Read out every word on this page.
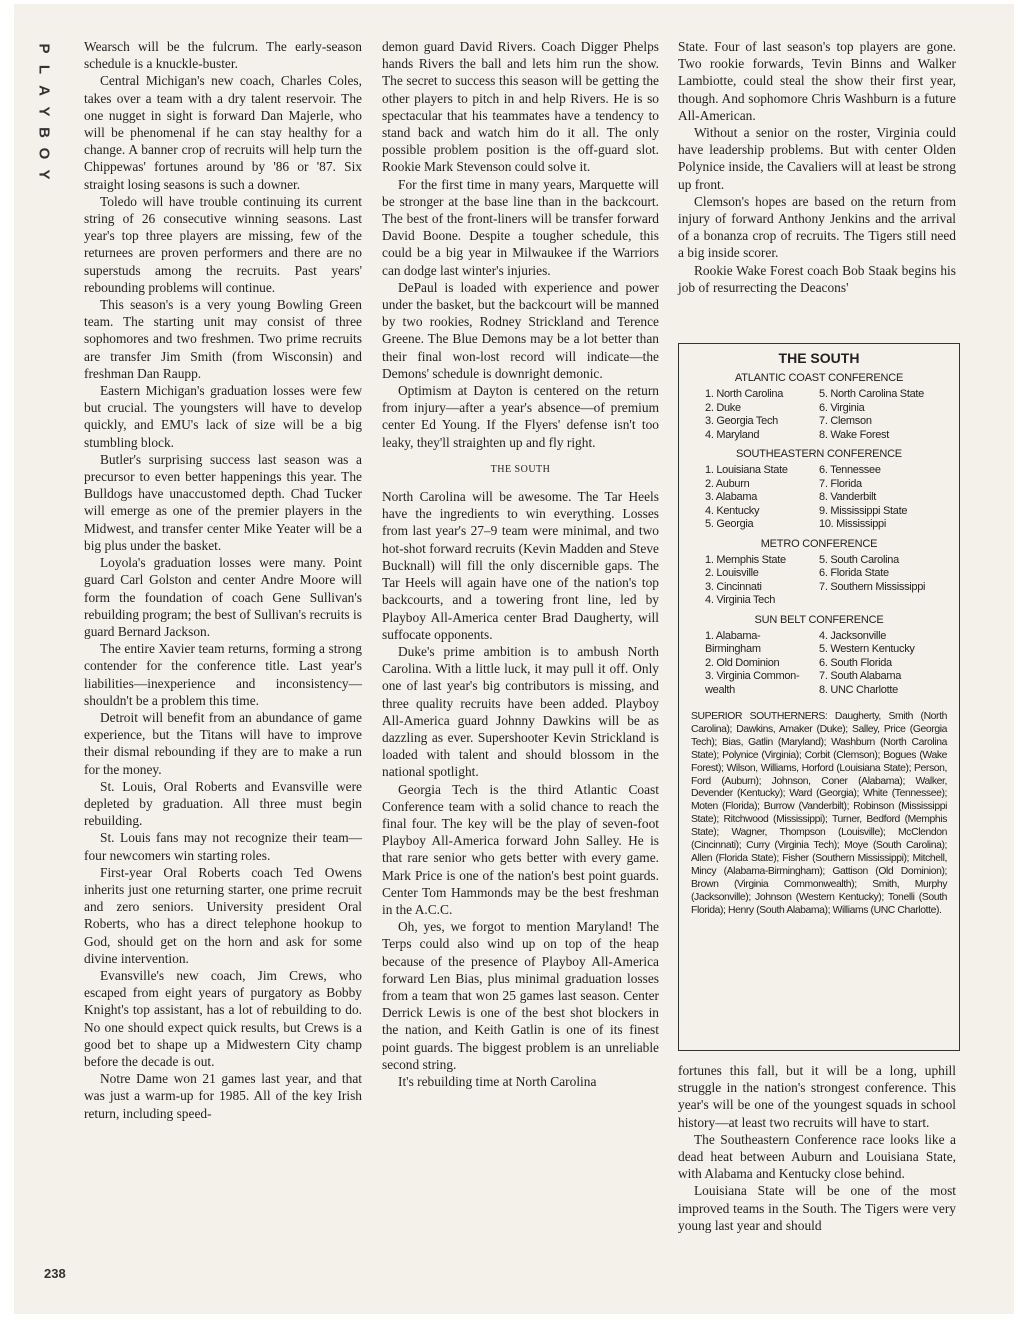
P
L
A
Y
B
O
Y
238

Wearsch will be the fulcrum. The early-season schedule is a knuckle-buster.

Central Michigan's new coach, Charles Coles, takes over a team with a dry talent reservoir. The one nugget in sight is forward Dan Majerle, who will be phenomenal if he can stay healthy for a change. A banner crop of recruits will help turn the Chippewas' fortunes around by '86 or '87. Six straight losing seasons is such a downer.

Toledo will have trouble continuing its current string of 26 consecutive winning seasons. Last year's top three players are missing, few of the returnees are proven performers and there are no superstuds among the recruits. Past years' rebounding problems will continue.

This season's is a very young Bowling Green team. The starting unit may consist of three sophomores and two freshmen. Two prime recruits are transfer Jim Smith (from Wisconsin) and freshman Dan Raupp.

Eastern Michigan's graduation losses were few but crucial. The youngsters will have to develop quickly, and EMU's lack of size will be a big stumbling block.

Butler's surprising success last season was a precursor to even better happenings this year. The Bulldogs have unaccustomed depth. Chad Tucker will emerge as one of the premier players in the Midwest, and transfer center Mike Yeater will be a big plus under the basket.

Loyola's graduation losses were many. Point guard Carl Golston and center Andre Moore will form the foundation of coach Gene Sullivan's rebuilding program; the best of Sullivan's recruits is guard Bernard Jackson.

The entire Xavier team returns, forming a strong contender for the conference title. Last year's liabilities—inexperience and inconsistency—shouldn't be a problem this time.

Detroit will benefit from an abundance of game experience, but the Titans will have to improve their dismal rebounding if they are to make a run for the money.

St. Louis, Oral Roberts and Evansville were depleted by graduation. All three must begin rebuilding.

St. Louis fans may not recognize their team—four newcomers win starting roles.

First-year Oral Roberts coach Ted Owens inherits just one returning starter, one prime recruit and zero seniors. University president Oral Roberts, who has a direct telephone hookup to God, should get on the horn and ask for some divine intervention.

Evansville's new coach, Jim Crews, who escaped from eight years of purgatory as Bobby Knight's top assistant, has a lot of rebuilding to do. No one should expect quick results, but Crews is a good bet to shape up a Midwestern City champ before the decade is out.

Notre Dame won 21 games last year, and that was just a warm-up for 1985. All of the key Irish return, including speed-

demon guard David Rivers. Coach Digger Phelps hands Rivers the ball and lets him run the show. The secret to success this season will be getting the other players to pitch in and help Rivers. He is so spectacular that his teammates have a tendency to stand back and watch him do it all. The only possible problem position is the off-guard slot. Rookie Mark Stevenson could solve it.

For the first time in many years, Marquette will be stronger at the base line than in the backcourt. The best of the front-liners will be transfer forward David Boone. Despite a tougher schedule, this could be a big year in Milwaukee if the Warriors can dodge last winter's injuries.

DePaul is loaded with experience and power under the basket, but the backcourt will be manned by two rookies, Rodney Strickland and Terence Greene. The Blue Demons may be a lot better than their final won-lost record will indicate—the Demons' schedule is downright demonic.

Optimism at Dayton is centered on the return from injury—after a year's absence—of premium center Ed Young. If the Flyers' defense isn't too leaky, they'll straighten up and fly right.

THE SOUTH

North Carolina will be awesome. The Tar Heels have the ingredients to win everything. Losses from last year's 27–9 team were minimal, and two hot-shot forward recruits (Kevin Madden and Steve Bucknall) will fill the only discernible gaps. The Tar Heels will again have one of the nation's top backcourts, and a towering front line, led by Playboy All-America center Brad Daugherty, will suffocate opponents.

Duke's prime ambition is to ambush North Carolina. With a little luck, it may pull it off. Only one of last year's big contributors is missing, and three quality recruits have been added. Playboy All-America guard Johnny Dawkins will be as dazzling as ever. Supershooter Kevin Strickland is loaded with talent and should blossom in the national spotlight.

Georgia Tech is the third Atlantic Coast Conference team with a solid chance to reach the final four. The key will be the play of seven-foot Playboy All-America forward John Salley. He is that rare senior who gets better with every game. Mark Price is one of the nation's best point guards. Center Tom Hammonds may be the best freshman in the A.C.C.

Oh, yes, we forgot to mention Maryland! The Terps could also wind up on top of the heap because of the presence of Playboy All-America forward Len Bias, plus minimal graduation losses from a team that won 25 games last season. Center Derrick Lewis is one of the best shot blockers in the nation, and Keith Gatlin is one of its finest point guards. The biggest problem is an unreliable second string.

It's rebuilding time at North Carolina

State. Four of last season's top players are gone. Two rookie forwards, Tevin Binns and Walker Lambiotte, could steal the show their first year, though. And sophomore Chris Washburn is a future All-American.

Without a senior on the roster, Virginia could have leadership problems. But with center Olden Polynice inside, the Cavaliers will at least be strong up front.

Clemson's hopes are based on the return from injury of forward Anthony Jenkins and the arrival of a bonanza crop of recruits. The Tigers still need a big inside scorer.

Rookie Wake Forest coach Bob Staak begins his job of resurrecting the Deacons'

THE SOUTH
ATLANTIC COAST CONFERENCE
1. North Carolina
2. Duke
3. Georgia Tech
4. Maryland
5. North Carolina State
6. Virginia
7. Clemson
8. Wake Forest
SOUTHEASTERN CONFERENCE
1. Louisiana State
2. Auburn
3. Alabama
4. Kentucky
5. Georgia
6. Tennessee
7. Florida
8. Vanderbilt
9. Mississippi State
10. Mississippi
METRO CONFERENCE
1. Memphis State
2. Louisville
3. Cincinnati
4. Virginia Tech
5. South Carolina
6. Florida State
7. Southern Mississippi
SUN BELT CONFERENCE
1. Alabama-
Birmingham
2. Old Dominion
3. Virginia Common-
wealth
4. Jacksonville
5. Western Kentucky
6. South Florida
7. South Alabama
8. UNC Charlotte
SUPERIOR SOUTHERNERS: Daugherty, Smith (North Carolina); Dawkins, Amaker (Duke); Salley, Price (Georgia Tech); Bias, Gatlin (Maryland); Washburn (North Carolina State); Polynice (Virginia); Corbit (Clemson); Bogues (Wake Forest); Wilson, Williams, Horford (Louisiana State); Person, Ford (Auburn); Johnson, Coner (Alabama); Walker, Devender (Kentucky); Ward (Georgia); White (Tennessee); Moten (Florida); Burrow (Vanderbilt); Robinson (Mississippi State); Ritchwood (Mississippi); Turner, Bedford (Memphis State); Wagner, Thompson (Louisville); McClendon (Cincinnati); Curry (Virginia Tech); Moye (South Carolina); Allen (Florida State); Fisher (Southern Mississippi); Mitchell, Mincy (Alabama-Birmingham); Gattison (Old Dominion); Brown (Virginia Commonwealth); Smith, Murphy (Jacksonville); Johnson (Western Kentucky); Tonelli (South Florida); Henry (South Alabama); Williams (UNC Charlotte).

fortunes this fall, but it will be a long, uphill struggle in the nation's strongest conference. This year's will be one of the youngest squads in school history—at least two recruits will have to start.

The Southeastern Conference race looks like a dead heat between Auburn and Louisiana State, with Alabama and Kentucky close behind.

Louisiana State will be one of the most improved teams in the South. The Tigers were very young last year and should
